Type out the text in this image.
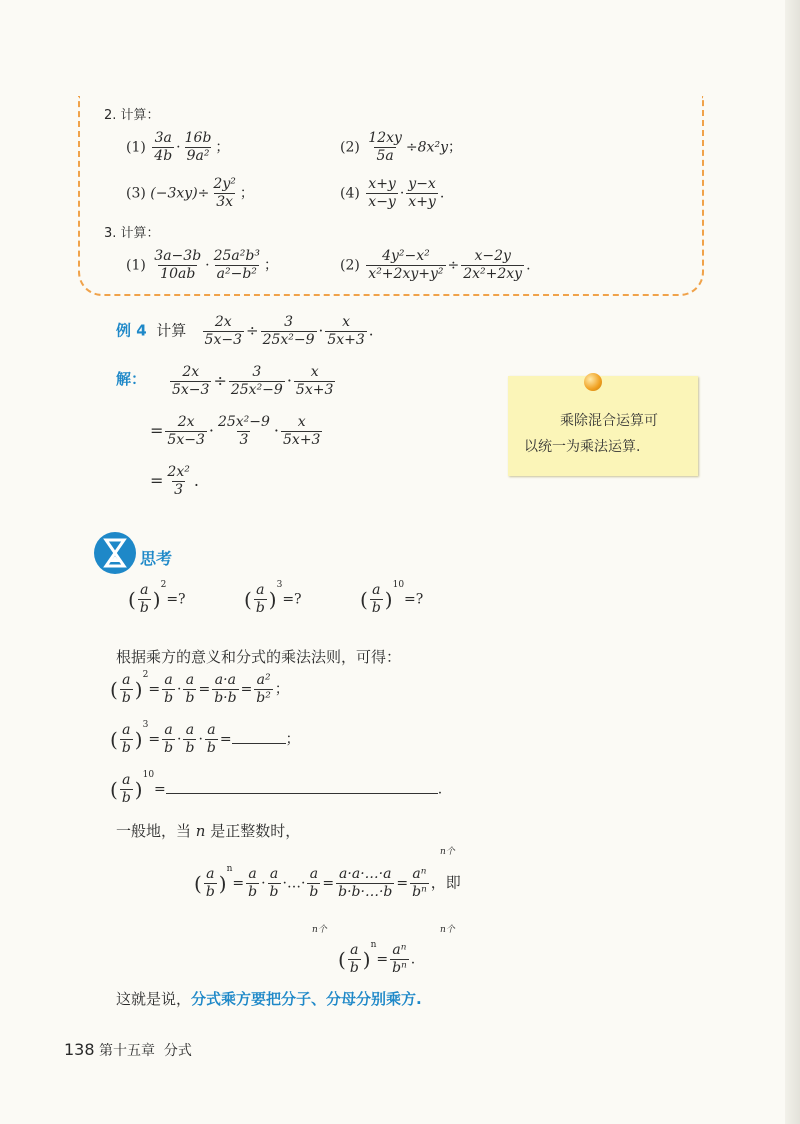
2. 计算：
$(1) \frac{3a}{4b} \cdot \frac{16b}{\text{9a²}}$ ；	$(2) \frac{12xy}{5a} \div 8x^2y$；
(3) $(-3xy)\div \frac{\text{2y²}}{3x}$ ；	$(4) \frac{x+y}{x-y} \cdot \frac{y-x}{x+y}$ .
3. 计算：
$(1) \frac{3a-3b}{10ab} \cdot \frac{\text{25a²b³}}{\text{a²−b²}}$ ；	$(2) \frac{\text{4y²−x²}}{\text{x²+2xy+y²}} \div \frac{x-2y}{\text{2x²+2xy}}$ .
例 4 计算 $\frac{2x}{5x-3} \div \frac{3}{\text{25x²−9}} \cdot \frac{x}{5x+3}$ .
解： $\frac{2x}{5x-3} \div \frac{3}{\text{25x²−9}} \cdot \frac{x}{5x+3}$
= $\frac{2x}{5x-3} \cdot \frac{\text{25x²−9}}{3} \cdot \frac{x}{5x+3}$
= $\frac{\text{2x²}}{3}$ .
乘除混合运算可
以统一为乘法运算.
思考
( $\frac{a}{b} )^2=$?	( $\frac{a}{b} )^3=$?	( $\frac{a}{b} )^{10}=$?
根据乘方的意义和分式的乘法法则，可得：
( $\frac{a}{b} )^2= \frac{a}{b} \cdot \frac{a}{b} = \frac{a\cdot a}{b\cdot b} = \frac{\text{a²}}{\text{b²}}$ ；
( $\frac{a}{b} )^3= \frac{a}{b} \cdot \frac{a}{b} \cdot \frac{a}{b}$ =	；
( $\frac{a}{b} )^{10}=$	.
一般地，当 n 是正整数时，
n个
( $\frac{a}{b} )^n= \frac{a}{b} \cdot \frac{a}{b}$ ·…· $\frac{a}{b} = \frac{a\cdot a\cdot\dots\cdot a}{b\cdot b\cdot\dots\cdot b} = \frac{\text{aⁿ}}{\text{bⁿ}}$ ，即
n个	n个
( $\frac{a}{b} )^n= \frac{\text{aⁿ}}{\text{bⁿ}}$ .
这就是说，分式乘方要把分子、分母分别乘方.
138 第十五章 分式
